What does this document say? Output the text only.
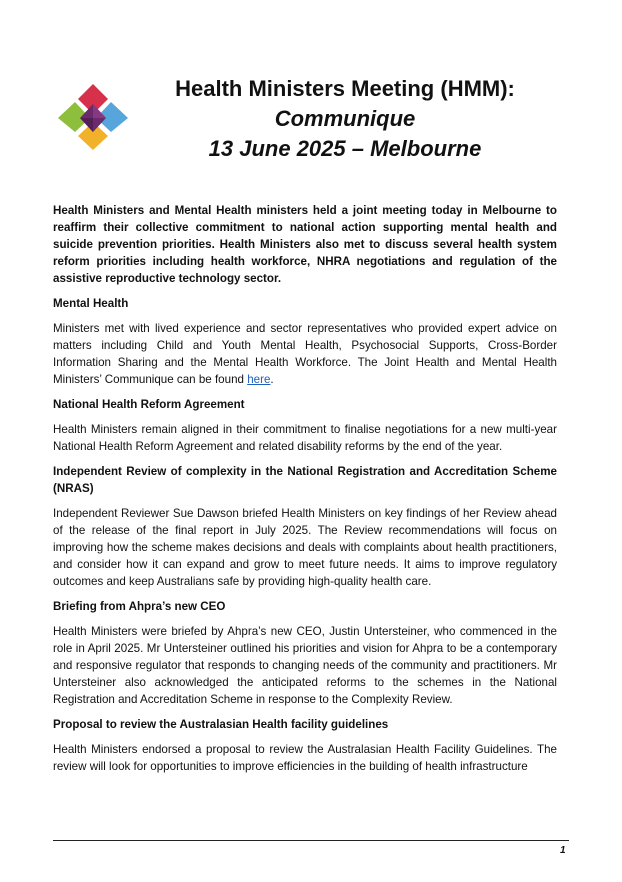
Health Ministers Meeting (HMM):
Communique
13 June 2025 – Melbourne

Health Ministers and Mental Health ministers held a joint meeting today in Melbourne to reaffirm their collective commitment to national action supporting mental health and suicide prevention priorities. Health Ministers also met to discuss several health system reform priorities including health workforce, NHRA negotiations and regulation of the assistive reproductive technology sector.

Mental Health

Ministers met with lived experience and sector representatives who provided expert advice on matters including Child and Youth Mental Health, Psychosocial Supports, Cross-Border Information Sharing and the Mental Health Workforce. The Joint Health and Mental Health Ministers’ Communique can be found here.

National Health Reform Agreement

Health Ministers remain aligned in their commitment to finalise negotiations for a new multi-year National Health Reform Agreement and related disability reforms by the end of the year.

Independent Review of complexity in the National Registration and Accreditation Scheme (NRAS)

Independent Reviewer Sue Dawson briefed Health Ministers on key findings of her Review ahead of the release of the final report in July 2025. The Review recommendations will focus on improving how the scheme makes decisions and deals with complaints about health practitioners, and consider how it can expand and grow to meet future needs. It aims to improve regulatory outcomes and keep Australians safe by providing high-quality health care.

Briefing from Ahpra’s new CEO

Health Ministers were briefed by Ahpra’s new CEO, Justin Untersteiner, who commenced in the role in April 2025. Mr Untersteiner outlined his priorities and vision for Ahpra to be a contemporary and responsive regulator that responds to changing needs of the community and practitioners. Mr Untersteiner also acknowledged the anticipated reforms to the schemes in the National Registration and Accreditation Scheme in response to the Complexity Review.

Proposal to review the Australasian Health facility guidelines

Health Ministers endorsed a proposal to review the Australasian Health Facility Guidelines. The review will look for opportunities to improve efficiencies in the building of health infrastructure

1
